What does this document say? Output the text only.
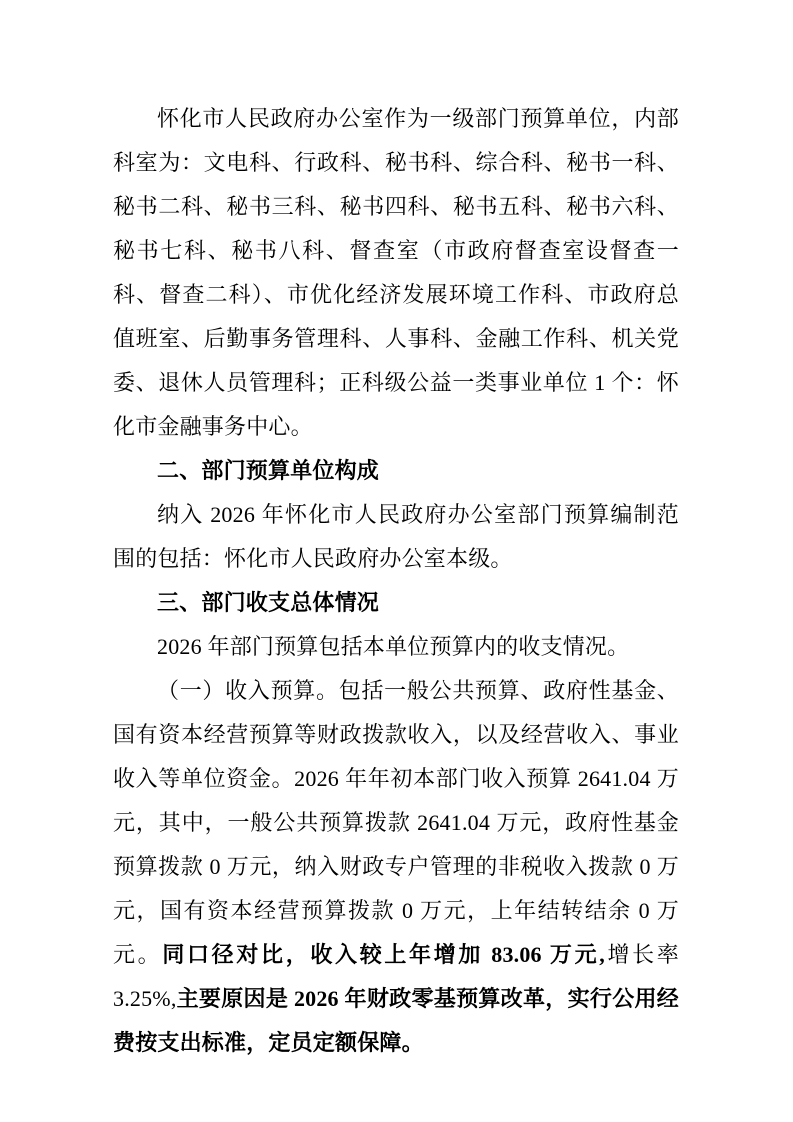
怀化市人民政府办公室作为一级部门预算单位，内部科室为：文电科、行政科、秘书科、综合科、秘书一科、秘书二科、秘书三科、秘书四科、秘书五科、秘书六科、秘书七科、秘书八科、督查室（市政府督查室设督查一科、督查二科）、市优化经济发展环境工作科、市政府总值班室、后勤事务管理科、人事科、金融工作科、机关党委、退休人员管理科；正科级公益一类事业单位 1 个：怀化市金融事务中心。

二、部门预算单位构成

纳入 2026 年怀化市人民政府办公室部门预算编制范围的包括：怀化市人民政府办公室本级。

三、部门收支总体情况

2026 年部门预算包括本单位预算内的收支情况。

（一）收入预算。包括一般公共预算、政府性基金、国有资本经营预算等财政拨款收入，以及经营收入、事业收入等单位资金。2026 年年初本部门收入预算 2641.04 万元，其中，一般公共预算拨款 2641.04 万元，政府性基金预算拨款 0 万元，纳入财政专户管理的非税收入拨款 0 万元，国有资本经营预算拨款 0 万元，上年结转结余 0 万元。同口径对比，收入较上年增加 83.06 万元,增长率 3.25%,主要原因是 2026 年财政零基预算改革，实行公用经费按支出标准，定员定额保障。
